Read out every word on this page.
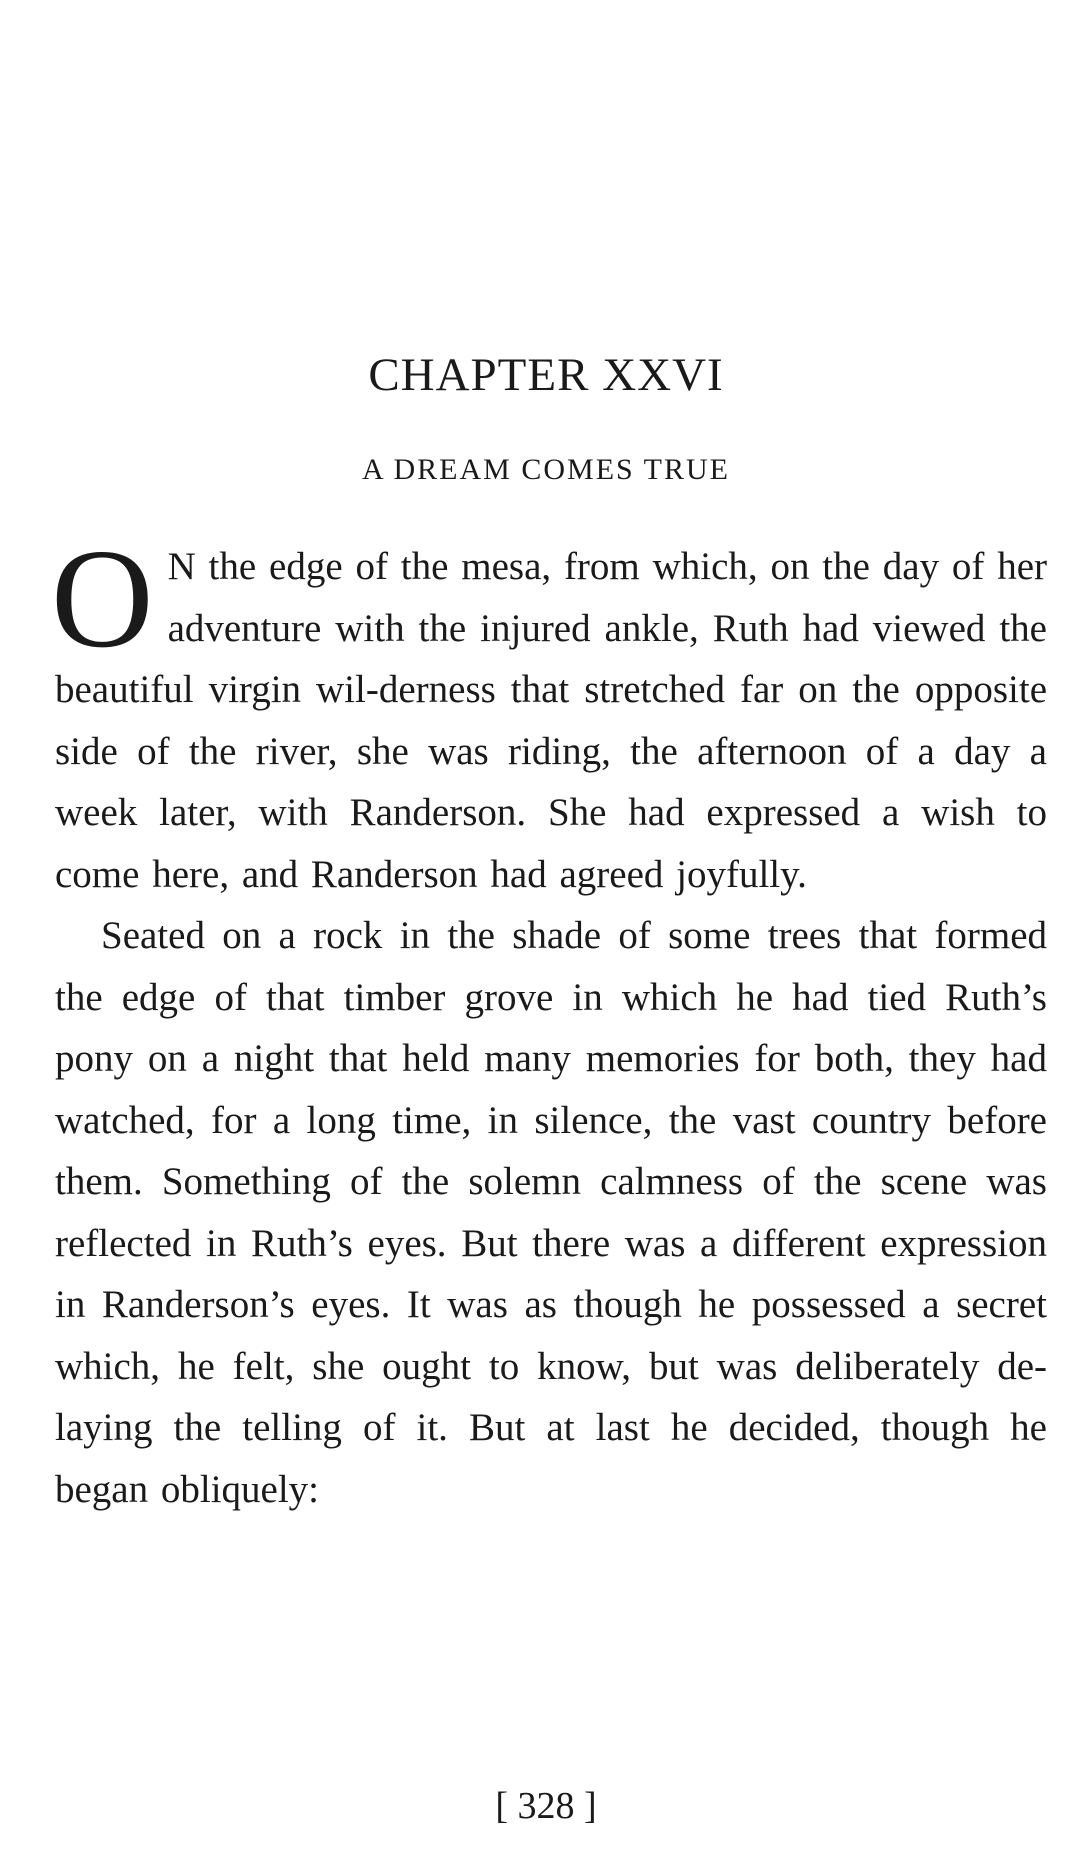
CHAPTER XXVI
A DREAM COMES TRUE

O N the edge of the mesa, from which, on the day of her adventure with the injured ankle, Ruth had viewed the beautiful virgin wil-derness that stretched far on the opposite side of the river, she was riding, the afternoon of a day a week later, with Randerson. She had expressed a wish to come here, and Randerson had agreed joyfully.

Seated on a rock in the shade of some trees that formed the edge of that timber grove in which he had tied Ruth’s pony on a night that held many memories for both, they had watched, for a long time, in silence, the vast country before them. Something of the solemn calmness of the scene was reflected in Ruth’s eyes. But there was a different expression in Randerson’s eyes. It was as though he possessed a secret which, he felt, she ought to know, but was deliberately de-laying the telling of it. But at last he decided, though he began obliquely:

[ 328 ]
